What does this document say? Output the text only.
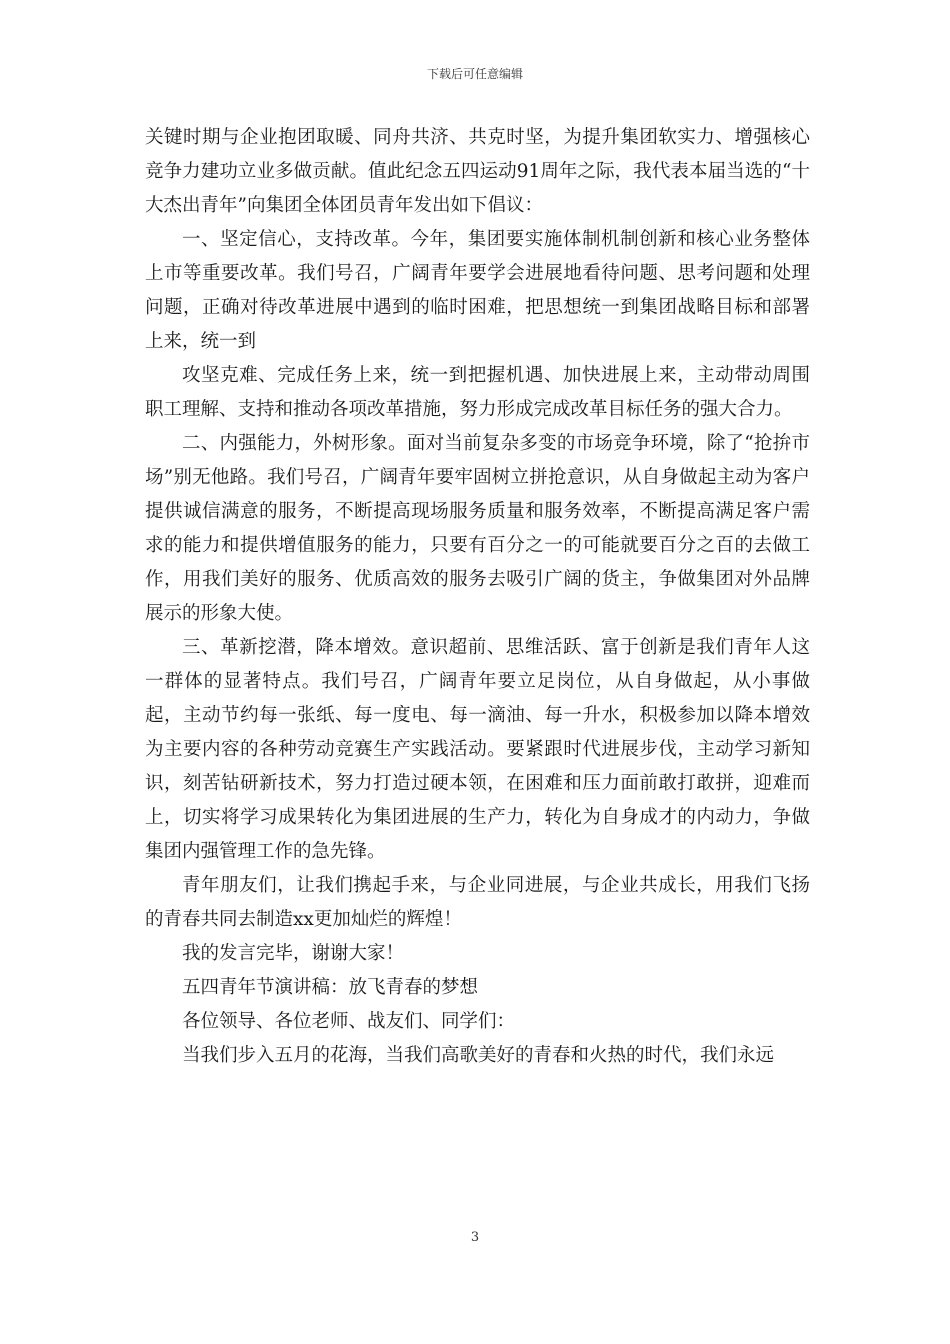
下载后可任意编辑

关键时期与企业抱团取暖、同舟共济、共克时坚，为提升集团软实力、增强核心竞争力建功立业多做贡献。值此纪念五四运动91周年之际，我代表本届当选的“十大杰出青年”向集团全体团员青年发出如下倡议：

一、坚定信心，支持改革。今年，集团要实施体制机制创新和核心业务整体上市等重要改革。我们号召，广阔青年要学会进展地看待问题、思考问题和处理问题，正确对待改革进展中遇到的临时困难，把思想统一到集团战略目标和部署上来，统一到

攻坚克难、完成任务上来，统一到把握机遇、加快进展上来，主动带动周围职工理解、支持和推动各项改革措施，努力形成完成改革目标任务的强大合力。

二、内强能力，外树形象。面对当前复杂多变的市场竞争环境，除了“抢拚市场”别无他路。我们号召，广阔青年要牢固树立拼抢意识，从自身做起主动为客户提供诚信满意的服务，不断提高现场服务质量和服务效率，不断提高满足客户需求的能力和提供增值服务的能力，只要有百分之一的可能就要百分之百的去做工作，用我们美好的服务、优质高效的服务去吸引广阔的货主，争做集团对外品牌展示的形象大使。

三、革新挖潜，降本增效。意识超前、思维活跃、富于创新是我们青年人这一群体的显著特点。我们号召，广阔青年要立足岗位，从自身做起，从小事做起，主动节约每一张纸、每一度电、每一滴油、每一升水，积极参加以降本增效为主要内容的各种劳动竞赛生产实践活动。要紧跟时代进展步伐，主动学习新知识，刻苦钻研新技术，努力打造过硬本领，在困难和压力面前敢打敢拼，迎难而上，切实将学习成果转化为集团进展的生产力，转化为自身成才的内动力，争做集团内强管理工作的急先锋。

青年朋友们，让我们携起手来，与企业同进展，与企业共成长，用我们飞扬的青春共同去制造xx更加灿烂的辉煌！

我的发言完毕，谢谢大家！

五四青年节演讲稿：放飞青春的梦想

各位领导、各位老师、战友们、同学们：

当我们步入五月的花海，当我们高歌美好的青春和火热的时代，我们永远

3
